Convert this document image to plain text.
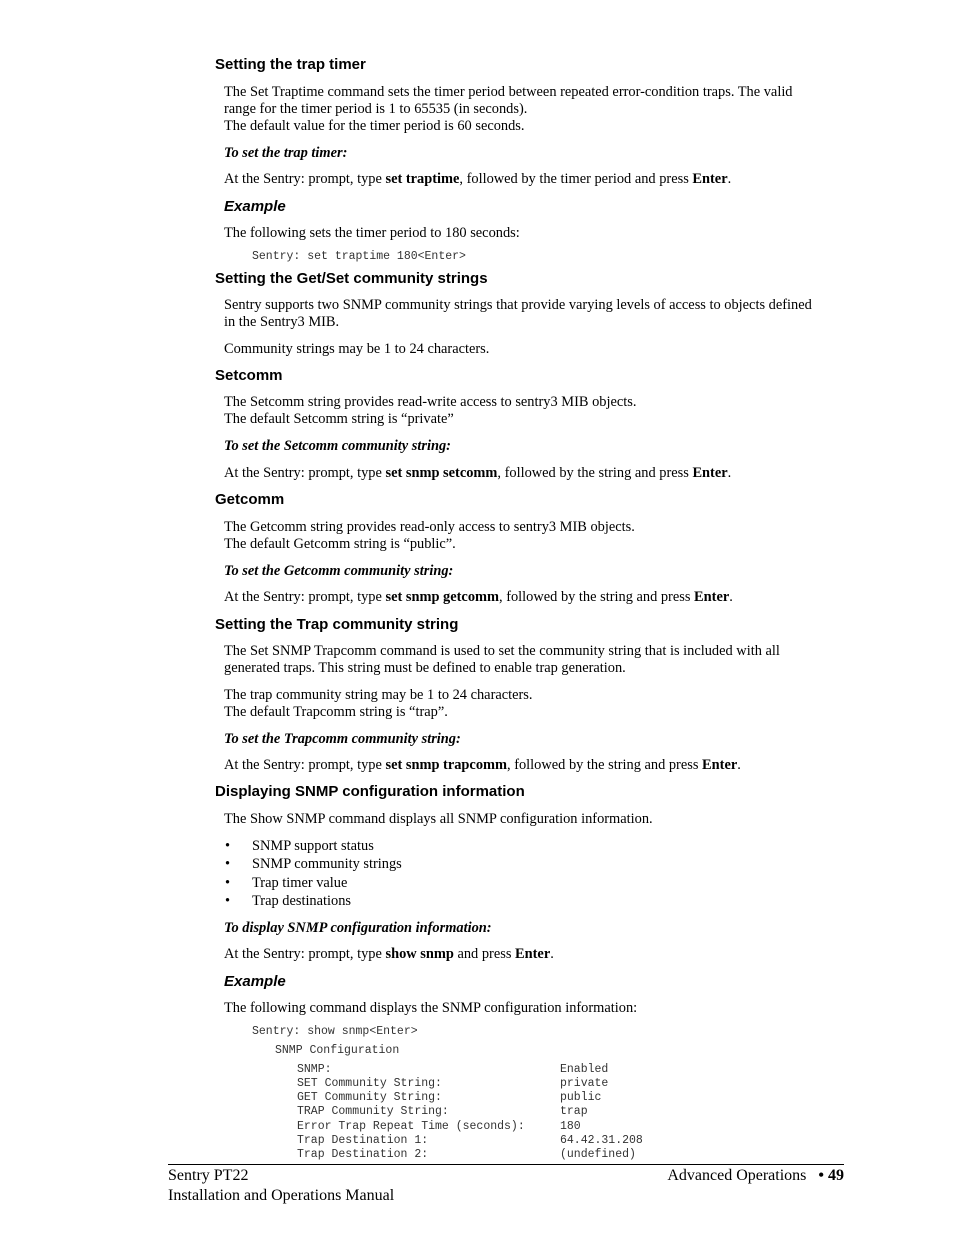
Setting the trap timer

The Set Traptime command sets the timer period between repeated error-condition traps. The valid
range for the timer period is 1 to 65535 (in seconds).
The default value for the timer period is 60 seconds.

To set the trap timer:

At the Sentry: prompt, type set traptime, followed by the timer period and press Enter.

Example

The following sets the timer period to 180 seconds:

Sentry: set traptime 180<Enter>
Setting the Get/Set community strings

Sentry supports two SNMP community strings that provide varying levels of access to objects defined
in the Sentry3 MIB.

Community strings may be 1 to 24 characters.

Setcomm

The Setcomm string provides read-write access to sentry3 MIB objects.
The default Setcomm string is “private”

To set the Setcomm community string:

At the Sentry: prompt, type set snmp setcomm, followed by the string and press Enter.

Getcomm

The Getcomm string provides read-only access to sentry3 MIB objects.
The default Getcomm string is “public”.

To set the Getcomm community string:

At the Sentry: prompt, type set snmp getcomm, followed by the string and press Enter.

Setting the Trap community string

The Set SNMP Trapcomm command is used to set the community string that is included with all
generated traps. This string must be defined to enable trap generation.

The trap community string may be 1 to 24 characters.
The default Trapcomm string is “trap”.

To set the Trapcomm community string:

At the Sentry: prompt, type set snmp trapcomm, followed by the string and press Enter.

Displaying SNMP configuration information

The Show SNMP command displays all SNMP configuration information.

• SNMP support status
• SNMP community strings
• Trap timer value
• Trap destinations

To display SNMP configuration information:

At the Sentry: prompt, type show snmp and press Enter.

Example

The following command displays the SNMP configuration information:

Sentry: show snmp<Enter>
SNMP Configuration
SNMP:	Enabled
SET Community String:	private
GET Community String:	public
TRAP Community String:	trap
Error Trap Repeat Time (seconds):	180
Trap Destination 1:	64.42.31.208
Trap Destination 2:	(undefined)
Sentry PT22
Installation and Operations Manual
Advanced Operations • 49
